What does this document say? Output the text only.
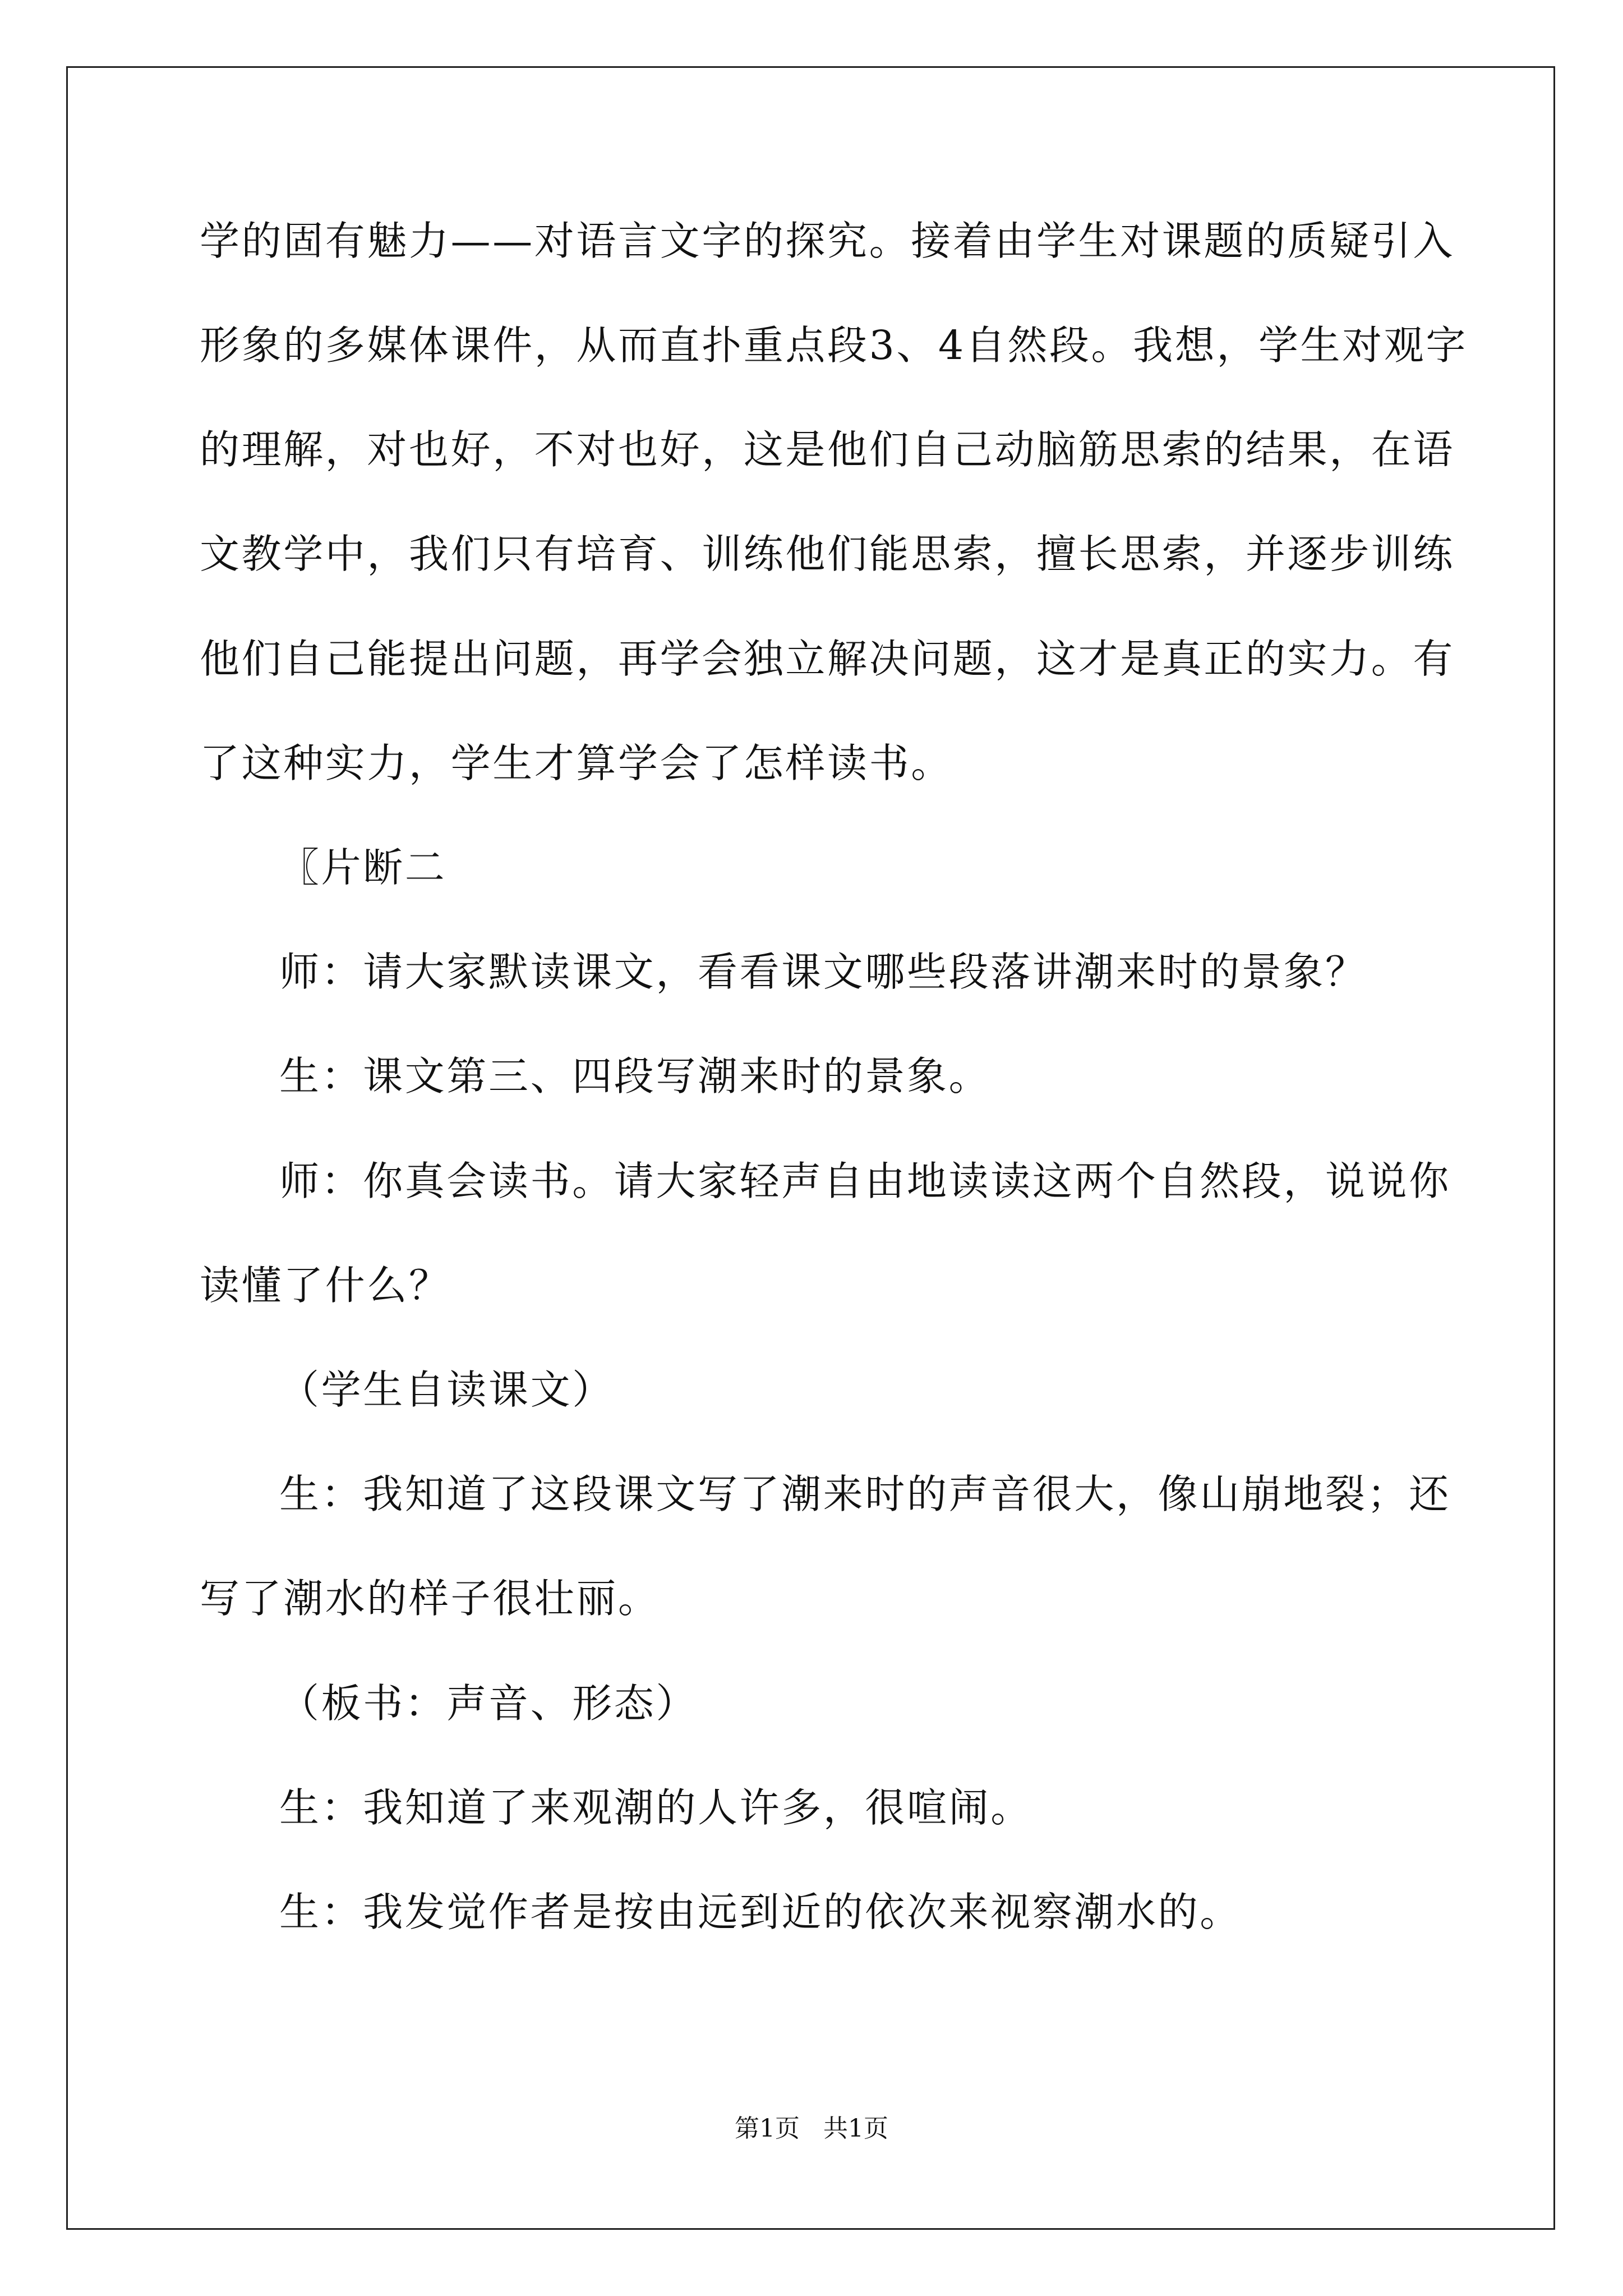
学的固有魅力——对语言文字的探究。接着由学生对课题的质疑引入
形象的多媒体课件，从而直扑重点段3、4自然段。我想，学生对观字
的理解，对也好，不对也好，这是他们自己动脑筋思索的结果，在语
文教学中，我们只有培育、训练他们能思索，擅长思索，并逐步训练
他们自己能提出问题，再学会独立解决问题，这才是真正的实力。有
了这种实力，学生才算学会了怎样读书。
〖片断二
师：请大家默读课文，看看课文哪些段落讲潮来时的景象？
生：课文第三、四段写潮来时的景象。
师：你真会读书。请大家轻声自由地读读这两个自然段，说说你
读懂了什么？
（学生自读课文）
生：我知道了这段课文写了潮来时的声音很大，像山崩地裂；还
写了潮水的样子很壮丽。
（板书：声音、形态）
生：我知道了来观潮的人许多，很喧闹。
生：我发觉作者是按由远到近的依次来视察潮水的。
第1页   共1页
